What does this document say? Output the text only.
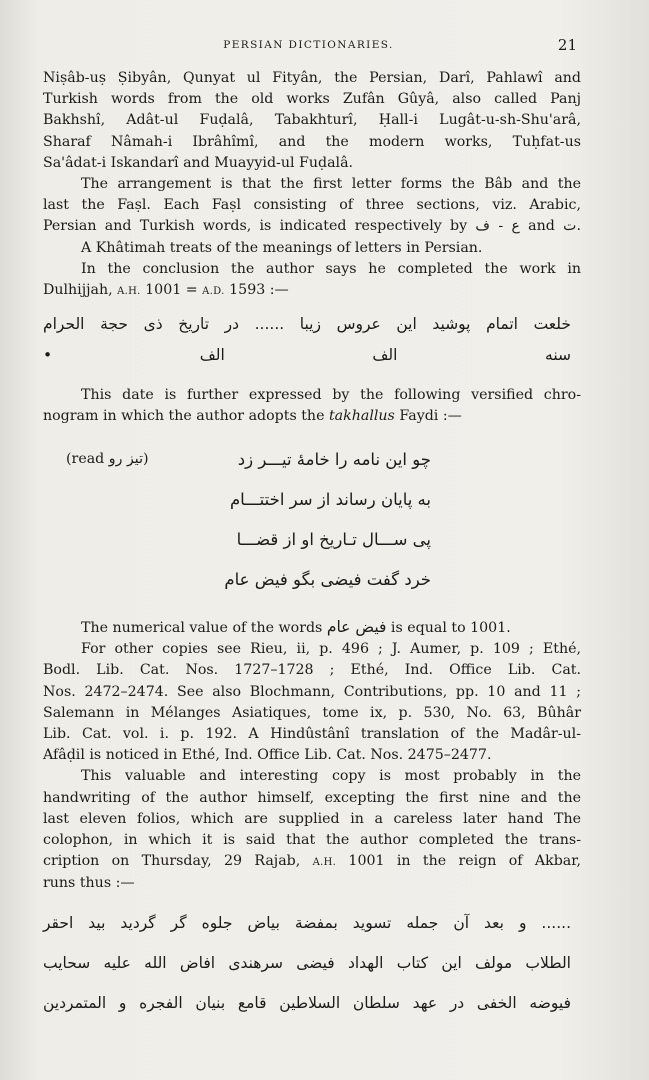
PERSIAN DICTIONARIES.	21

Niṣâb-uṣ Ṣibyân, Qunyat ul Fityân, the Persian, Darî, Pahlawî and

Turkish words from the old works Zufân Gûyâ, also called Panj

Bakhshî, Adât-ul Fuḍalâ, Tabakhturî, Ḥall-i Lugât-u-sh-Shu'arâ,

Sharaf Nâmah-i Ibrâhîmî, and the modern works, Tuḥfat-us

Sa'âdat-i Iskandarî and Muayyid-ul Fuḍalâ.

The arrangement is that the first letter forms the Bâb and the

last the Faṣl. Each Faṣl consisting of three sections, viz. Arabic,

Persian and Turkish words, is indicated respectively by ع - ف and ت.

A Khâtimah treats of the meanings of letters in Persian.

In the conclusion the author says he completed the work in

Dulhijjah, A.H. 1001 = A.D. 1593 :—

خلعت اتمام پوشید این عروس زیبا ...... در تاریخ ذی حجة الحرام

سنه الف الف •

This date is further expressed by the following versified chro-

nogram in which the author adopts the takhallus Faydi :—

(read تیز رو)	چو این نامه را خامهٔ تیـــر زد
به پایان رساند از سر اختتـــام
پی ســـال تـاریخ او از قضـــا
خرد گفت فیضی بگو فیض عام

The numerical value of the words فیض عام is equal to 1001.

For other copies see Rieu, ii, p. 496 ; J. Aumer, p. 109 ; Ethé,

Bodl. Lib. Cat. Nos. 1727–1728 ; Ethé, Ind. Office Lib. Cat.

Nos. 2472–2474. See also Blochmann, Contributions, pp. 10 and 11 ;

Salemann in Mélanges Asiatiques, tome ix, p. 530, No. 63, Bûhâr

Lib. Cat. vol. i. p. 192. A Hindûstânî translation of the Madâr-ul-

Afâḍil is noticed in Ethé, Ind. Office Lib. Cat. Nos. 2475–2477.

This valuable and interesting copy is most probably in the

handwriting of the author himself, excepting the first nine and the

last eleven folios, which are supplied in a careless later hand The

colophon, in which it is said that the author completed the trans-

cription on Thursday, 29 Rajab, A.H. 1001 in the reign of Akbar,

runs thus :—

...... و بعد آن جمله تسوید بمفضة بیاض جلوه گر گردید بید احقر

الطلاب مولف این کتاب الهداد فیضی سرهندی افاض الله علیه سحایب

فیوضه الخفی در عهد سلطان السلاطین قامع بنیان الفجره و المتمردین
